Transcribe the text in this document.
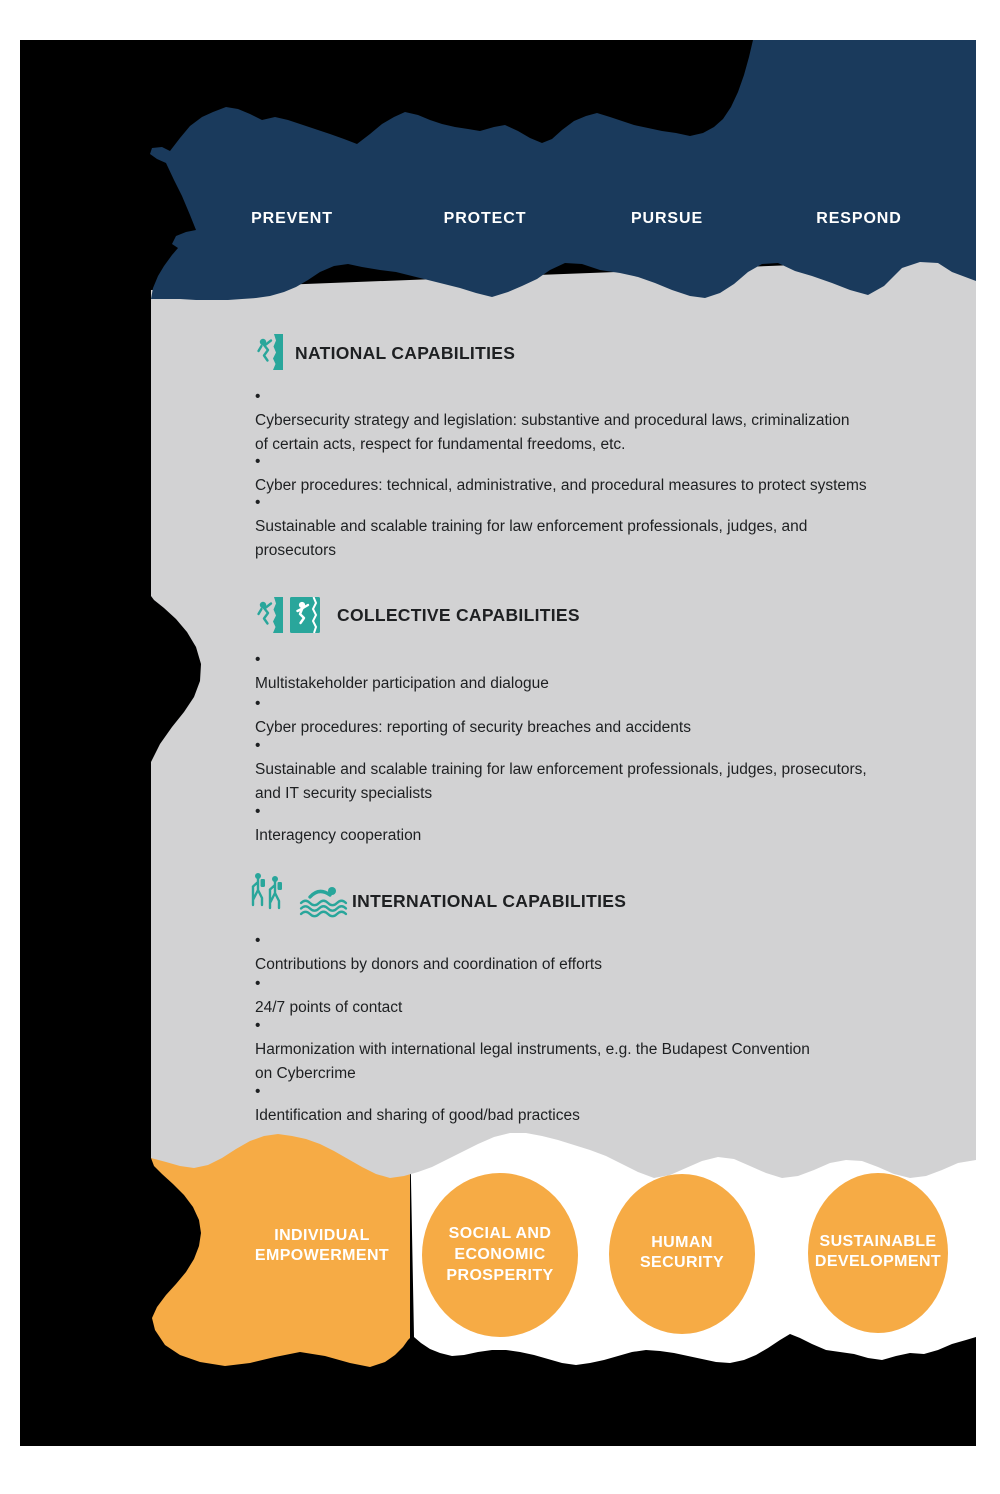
PREVENT	PROTECT	PURSUE	RESPOND
NATIONAL CAPABILITIES
•
Cybersecurity strategy and legislation: substantive and procedural laws, criminalization
of certain acts, respect for fundamental freedoms, etc.
•
Cyber procedures: technical, administrative, and procedural measures to protect systems
•
Sustainable and scalable training for law enforcement professionals, judges, and
prosecutors
COLLECTIVE CAPABILITIES
•
Multistakeholder participation and dialogue
•
Cyber procedures: reporting of security breaches and accidents
•
Sustainable and scalable training for law enforcement professionals, judges, prosecutors,
and IT security specialists
•
Interagency cooperation
INTERNATIONAL CAPABILITIES
•
Contributions by donors and coordination of efforts
•
24/7 points of contact
•
Harmonization with international legal instruments, e.g. the Budapest Convention
on Cybercrime
•
Identification and sharing of good/bad practices
INDIVIDUAL
EMPOWERMENT
SOCIAL AND
ECONOMIC
PROSPERITY
HUMAN
SECURITY
SUSTAINABLE
DEVELOPMENT
